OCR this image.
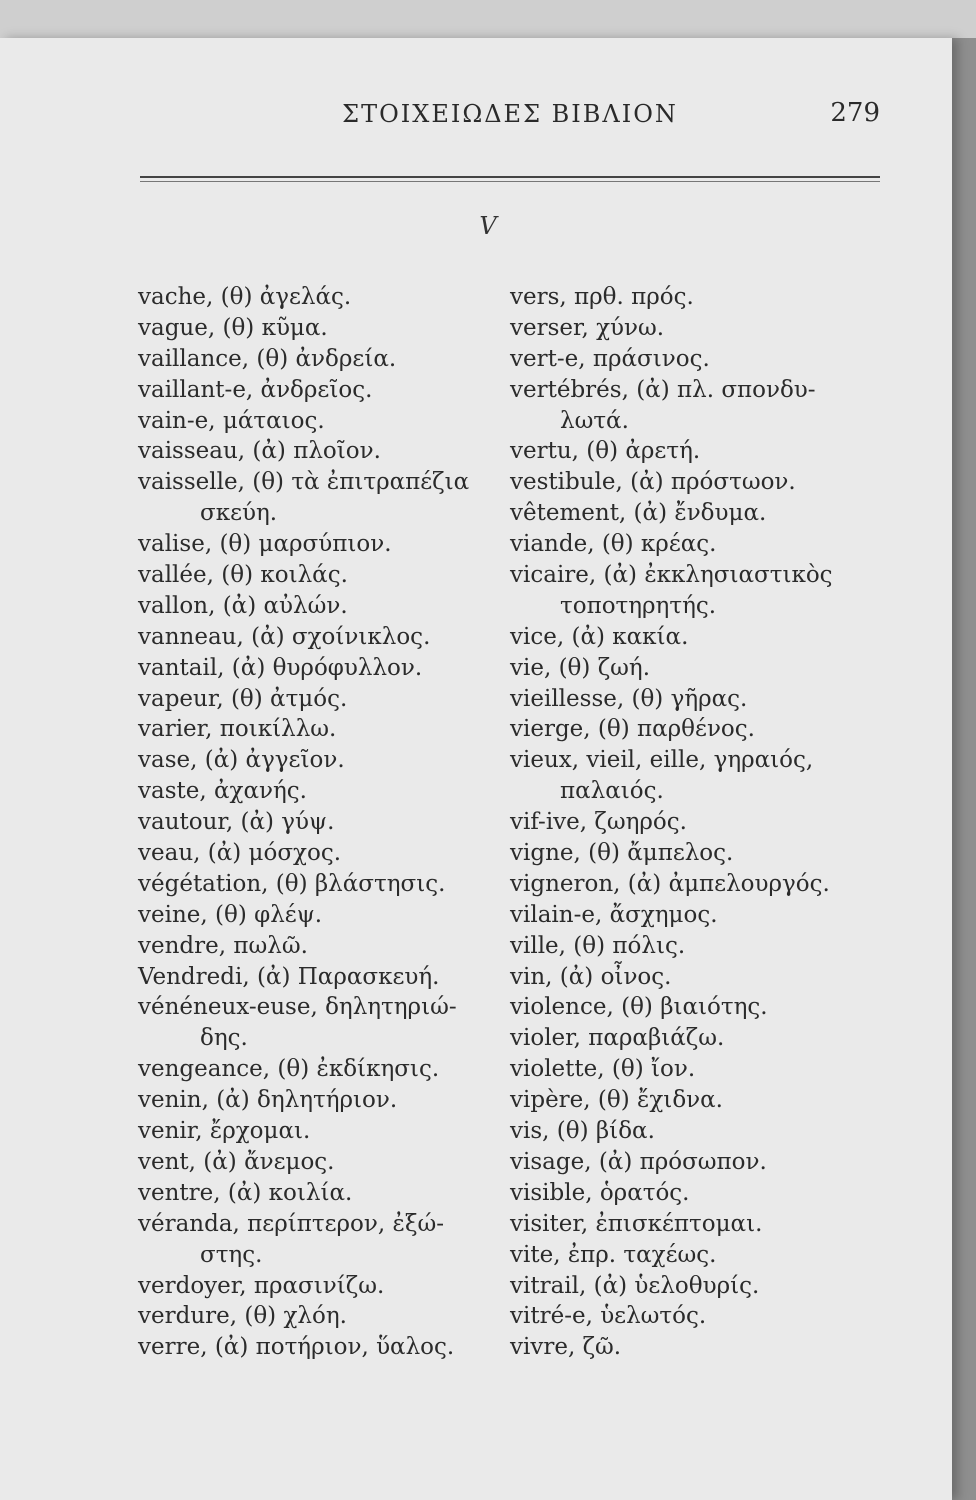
ΣΤΟΙΧΕΙΩΔΕΣ ΒΙΒΛΙΟΝ	279
V
vache, (θ) ἀγελάς.
vague, (θ) κῦμα.
vaillance, (θ) ἀνδρεία.
vaillant-e, ἀνδρεῖος.
vain-e, μάταιος.
vaisseau, (ἀ) πλοῖον.
vaisselle, (θ) τὰ ἐπιτραπέζια
σκεύη.
valise, (θ) μαρσύπιον.
vallée, (θ) κοιλάς.
vallon, (ἀ) αὐλών.
vanneau, (ἀ) σχοίνικλος.
vantail, (ἀ) θυρόφυλλον.
vapeur, (θ) ἀτμός.
varier, ποικίλλω.
vase, (ἀ) ἀγγεῖον.
vaste, ἀχανής.
vautour, (ἀ) γύψ.
veau, (ἀ) μόσχος.
végétation, (θ) βλάστησις.
veine, (θ) φλέψ.
vendre, πωλῶ.
Vendredi, (ἀ) Παρασκευή.
vénéneux-euse, δηλητηριώ-
δης.
vengeance, (θ) ἐκδίκησις.
venin, (ἀ) δηλητήριον.
venir, ἔρχομαι.
vent, (ἀ) ἄνεμος.
ventre, (ἀ) κοιλία.
véranda, περίπτερον, ἐξώ-
στης.
verdoyer, πρασινίζω.
verdure, (θ) χλόη.
verre, (ἀ) ποτήριον, ὕαλος.
vers, πρθ. πρός.
verser, χύνω.
vert-e, πράσινος.
vertébrés, (ἀ) πλ. σπονδυ-
λωτά.
vertu, (θ) ἀρετή.
vestibule, (ἀ) πρόστωον.
vêtement, (ἀ) ἔνδυμα.
viande, (θ) κρέας.
vicaire, (ἀ) ἐκκλησιαστικὸς
τοποτηρητής.
vice, (ἀ) κακία.
vie, (θ) ζωή.
vieillesse, (θ) γῆρας.
vierge, (θ) παρθένος.
vieux, vieil, eille, γηραιός,
παλαιός.
vif-ive, ζωηρός.
vigne, (θ) ἄμπελος.
vigneron, (ἀ) ἀμπελουργός.
vilain-e, ἄσχημος.
ville, (θ) πόλις.
vin, (ἀ) οἶνος.
violence, (θ) βιαιότης.
violer, παραβιάζω.
violette, (θ) ἴον.
vipère, (θ) ἔχιδνα.
vis, (θ) βίδα.
visage, (ἀ) πρόσωπον.
visible, ὁρατός.
visiter, ἐπισκέπτομαι.
vite, ἐπρ. ταχέως.
vitrail, (ἀ) ὑελοθυρίς.
vitré-e, ὑελωτός.
vivre, ζῶ.
